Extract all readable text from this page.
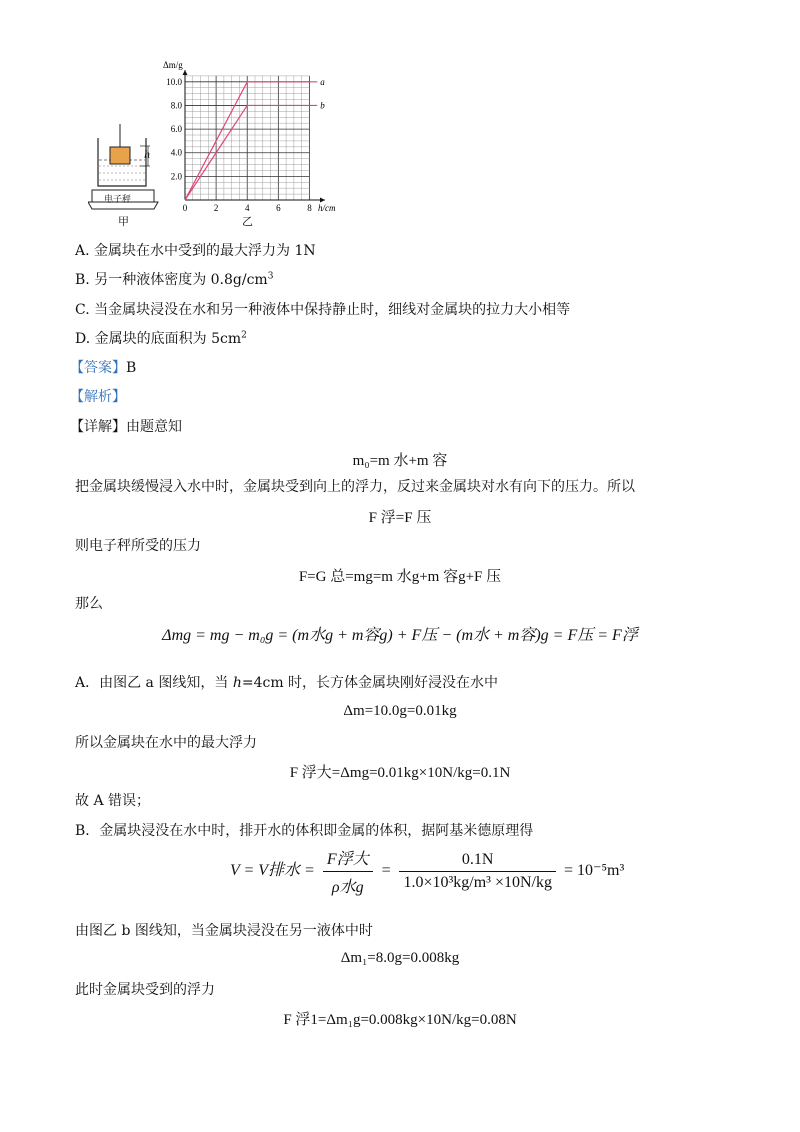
h
电子秤
甲
0	2	4	6	8
2.0
4.0
6.0
8.0
10.0
Δm/g
h/cm
a
b
乙
A. 金属块在水中受到的最大浮力为 1N
B. 另一种液体密度为 $0.8g/cm^3$
C. 当金属块浸没在水和另一种液体中保持静止时，细线对金属块的拉力大小相等
D. 金属块的底面积为 $5cm^2$
【答案】B
【解析】
【详解】由题意知
m₀=m 水+m 容
把金属块缓慢浸入水中时，金属块受到向上的浮力，反过来金属块对水有向下的压力。所以
F 浮=F 压
则电子秤所受的压力
F=G 总=mg=m 水g+m 容g+F 压
那么
Δmg = mg − m₀g = (m水g + m容g) + F压 − (m水 + m容)g = F压 = F浮
A．由图乙 a 图线知，当 h=4cm 时，长方体金属块刚好浸没在水中
Δm=10.0g=0.01kg
所以金属块在水中的最大浮力
F 浮大=Δmg=0.01kg×10N/kg=0.1N
故 A 错误；
B．金属块浸没在水中时，排开水的体积即金属的体积，据阿基米德原理得
V = V排水 = $\frac{\text{F浮大}}{\text{ρ水g}} = \frac{0.1N}{\text{1.0×10³kg/m³ ×10N/kg}} = 10^{-5}m^3$
由图乙 b 图线知，当金属块浸没在另一液体中时
Δm₁=8.0g=0.008kg
此时金属块受到的浮力
F 浮1=Δm₁g=0.008kg×10N/kg=0.08N
